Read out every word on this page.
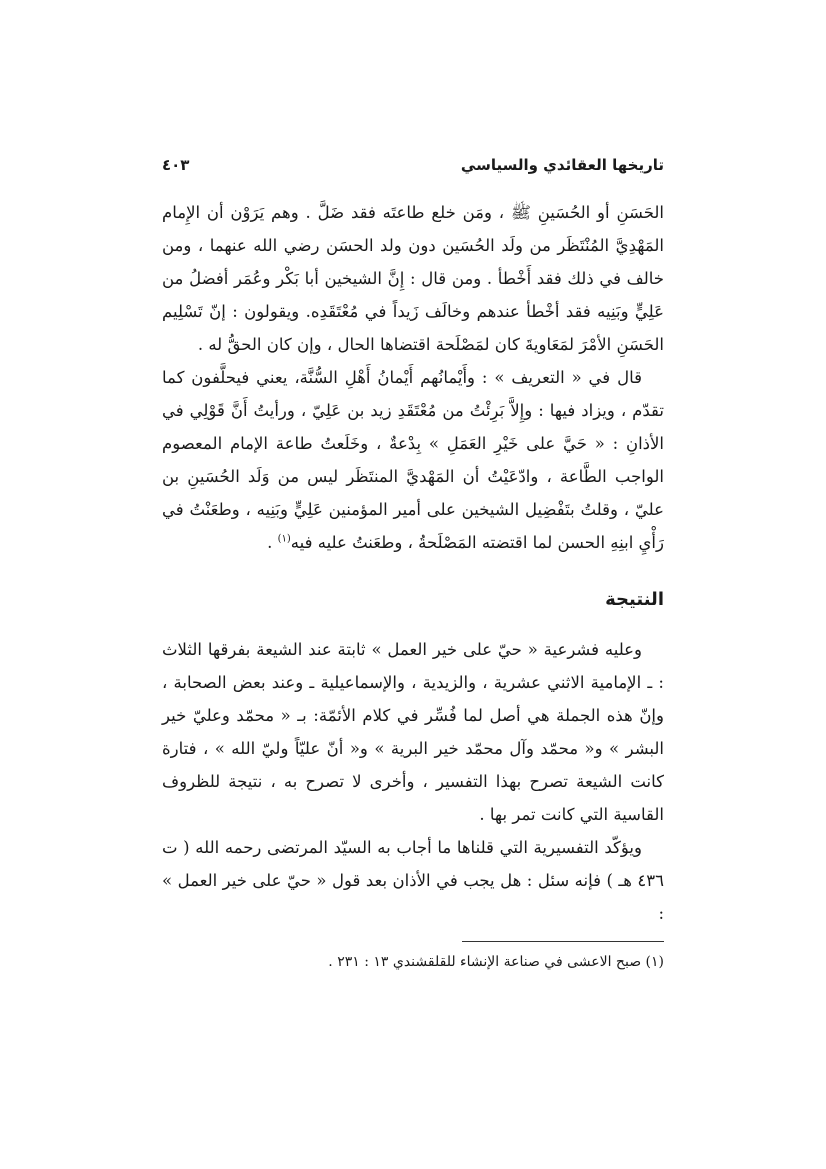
تاريخها العقائدي والسياسي
٤٠٣

الحَسَنِ أو الحُسَينِ ﷺ ، ومَن خلع طاعتَه فقد ضَلَّ . وهم يَرَوْن أن الإِمام المَهْدِيَّ المُنْتَظَر من ولَد الحُسَين دون ولد الحسَن رضي الله عنهما ، ومن خالف في ذلك فقد أَخْطأ . ومن قال : إِنَّ الشيخين أبا بَكْر وعُمَر أفضلُ من عَلِيٍّ وبَنِيه فقد أخْطأ عندهم وخالَف زَيداً في مُعْتَقَدِه. ويقولون : إنّ تَسْلِيم الحَسَنِ الأمْرَ لمَعَاويةَ كان لمَصْلَحة اقتضاها الحال ، وإن كان الحقُّ له .

قال في « التعريف » : وأَيْمانُهم أَيْمانُ أَهْلِ السُّنَّة، يعني فيحلَّفون كما تقدّم ، ويزاد فيها : وإِلاَّ بَرِئْتُ من مُعْتَقَدِ زيد بن عَلِيّ ، ورأيتُ أَنَّ قَوْلِي في الأذانِ : « حَيَّ على خَيْرِ العَمَلِ » بِدْعةٌ ، وخَلَعتُ طاعة الإمام المعصوم الواجب الطَّاعة ، وادّعَيْتُ أن المَهْديَّ المنتَظَر ليس من وَلَد الحُسَينِ بن عليّ ، وقلتُ بتَفْضِيل الشيخين على أمير المؤمنين عَلِيٍّ وبَنِيه ، وطعَنْتُ في رَأْيِ ابنِهِ الحسن لما اقتضته المَصْلَحةُ ، وطعَنتُ عليه فيه$^{(١)}$ .

النتيجة

وعليه فشرعية « حيّ على خير العمل » ثابتة عند الشيعة بفرقها الثلاث : ـ الإمامية الاثني عشرية ، والزيدية ، والإسماعيلية ـ وعند بعض الصحابة ، وإنّ هذه الجملة هي أصل لما فُسِّر في كلام الأئمّة: بـ « محمّد وعليّ خير البشر » و« محمّد وآل محمّد خير البرية » و« أنّ عليّاً وليّ الله » ، فتارة كانت الشيعة تصرح بهذا التفسير ، وأخرى لا تصرح به ، نتيجة للظروف القاسية التي كانت تمر بها .

ويؤكّد التفسيرية التي قلناها ما أجاب به السيّد المرتضى رحمه الله ( ت ٤٣٦ هـ ) فإنه سئل : هل يجب في الأذان بعد قول « حيّ على خير العمل » :

(١) صبح الاعشى في صناعة الإنشاء للقلقشندي ١٣ : ٢٣١ .
